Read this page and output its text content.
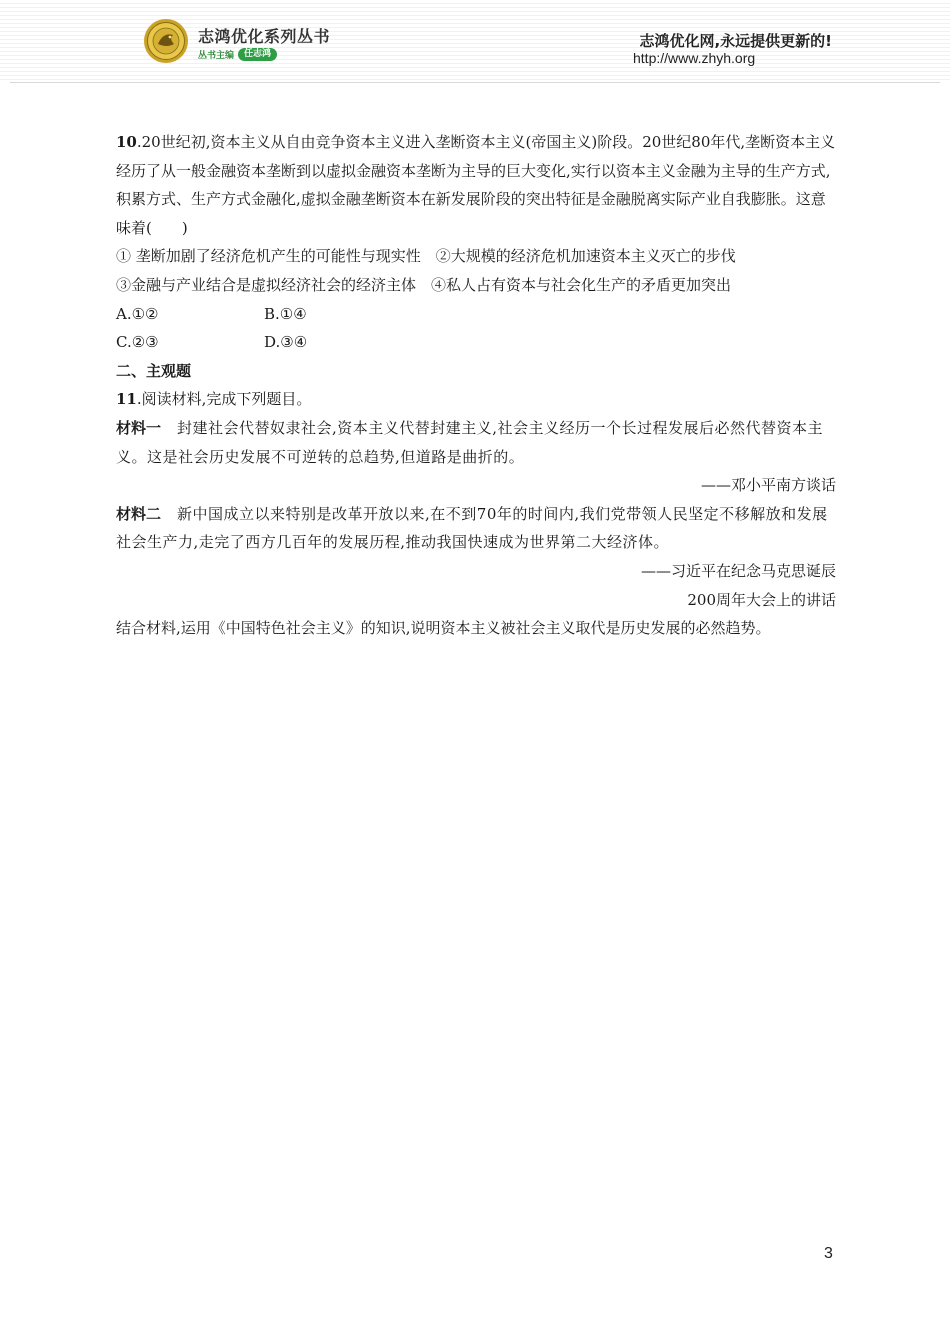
志鸿优化系列丛书
丛书主编	任志鸿
志鸿优化网,永远提供更新的!
http://www.zhyh.org

10.20世纪初,资本主义从自由竞争资本主义进入垄断资本主义(帝国主义)阶段。20世纪80年代,垄断资本主义经历了从一般金融资本垄断到以虚拟金融资本垄断为主导的巨大变化,实行以资本主义金融为主导的生产方式,积累方式、生产方式金融化,虚拟金融垄断资本在新发展阶段的突出特征是金融脱离实际产业自我膨胀。这意味着(　　)

① 垄断加剧了经济危机产生的可能性与现实性　②大规模的经济危机加速资本主义灭亡的步伐

③金融与产业结合是虚拟经济社会的经济主体　④私人占有资本与社会化生产的矛盾更加突出

A.①②	B.①④

C.②③	D.③④

二、主观题

11.阅读材料,完成下列题目。

材料一 封建社会代替奴隶社会,资本主义代替封建主义,社会主义经历一个长过程发展后必然代替资本主义。这是社会历史发展不可逆转的总趋势,但道路是曲折的。

——邓小平南方谈话

材料二 新中国成立以来特别是改革开放以来,在不到70年的时间内,我们党带领人民坚定不移解放和发展社会生产力,走完了西方几百年的发展历程,推动我国快速成为世界第二大经济体。

——习近平在纪念马克思诞辰

200周年大会上的讲话

结合材料,运用《中国特色社会主义》的知识,说明资本主义被社会主义取代是历史发展的必然趋势。

3
